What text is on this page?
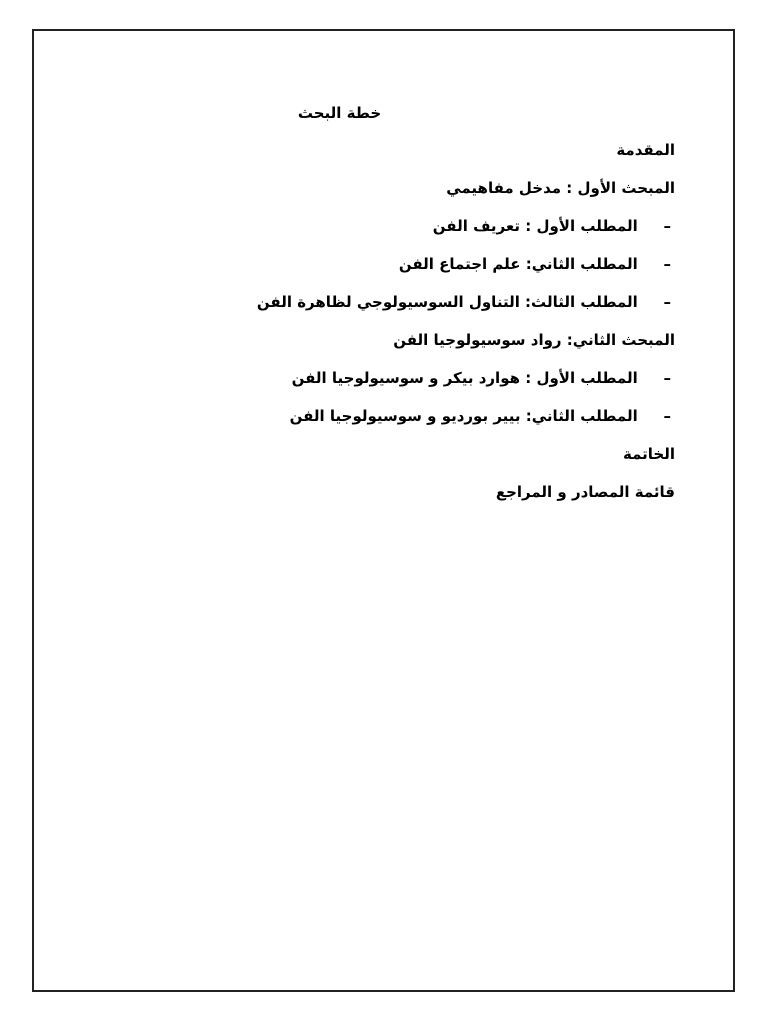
خطة البحث
المقدمة
المبحث الأول : مدخل مفاهيمي
– المطلب الأول : تعريف الفن
– المطلب الثاني: علم اجتماع الفن
– المطلب الثالث: التناول السوسيولوجي لظاهرة الفن
المبحث الثاني: رواد سوسيولوجيا الفن
– المطلب الأول : هوارد بيكر و سوسيولوجيا الفن
– المطلب الثاني: بيير بورديو و سوسيولوجيا الفن
الخاتمة
قائمة المصادر و المراجع
